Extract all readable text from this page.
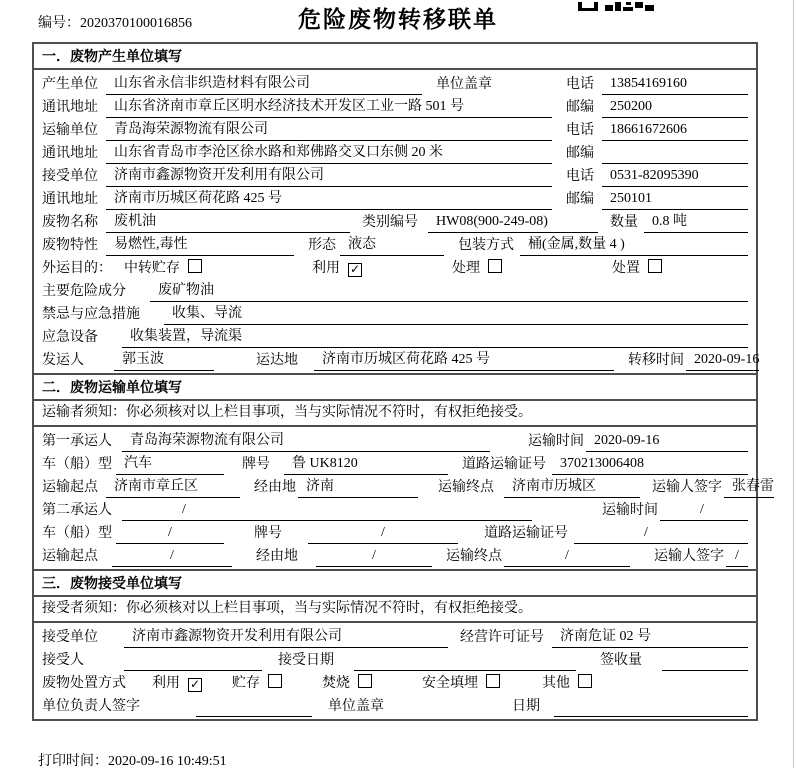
编号：2020370100016856	危险废物转移联单
一．废物产生单位填写
产生单位	山东省永信非织造材料有限公司	单位盖章	电话	13854169160
通讯地址	山东省济南市章丘区明水经济技术开发区工业一路 501 号	邮编	250200
运输单位	青岛海荣源物流有限公司	电话	18661672606
通讯地址	山东省青岛市李沧区徐水路和郑佛路交叉口东侧 20 米	邮编
接受单位	济南市鑫源物资开发利用有限公司	电话	0531-82095390
通讯地址	济南市历城区荷花路 425 号	邮编	250101
废物名称	废机油	类别编号	HW08(900-249-08)	数量	0.8 吨
废物特性	易燃性,毒性	形态 液态	包装方式	桶(金属,数量 4 )
外运目的： 中转贮存	利用 ✓	处理	处置
主要危险成分	废矿物油
禁忌与应急措施	收集、导流
应急设备	收集装置，导流渠
发运人	郭玉波	运达地	济南市历城区荷花路 425 号	转移时间 2020-09-16
二．废物运输单位填写
运输者须知：你必须核对以上栏目事项，当与实际情况不符时，有权拒绝接受。
第一承运人	青岛海荣源物流有限公司	运输时间 2020-09-16
车（船）型 汽车	牌号	鲁 UK8120	道路运输证号	370213006408
运输起点	济南市章丘区	经由地 济南	运输终点	济南市历城区	运输人签字 张春雷
第二承运人	/	运输时间	/
车（船）型	/	牌号	/	道路运输证号	/
运输起点	/	经由地	/	运输终点	/	运输人签字 /
三．废物接受单位填写
接受者须知：你必须核对以上栏目事项，当与实际情况不符时，有权拒绝接受。
接受单位	济南市鑫源物资开发利用有限公司	经营许可证号	济南危证 02 号
接受人	接受日期	签收量
废物处置方式 利用 ✓	贮存	焚烧	安全填埋	其他
单位负责人签字	单位盖章	日期
打印时间：2020-09-16 10:49:51
